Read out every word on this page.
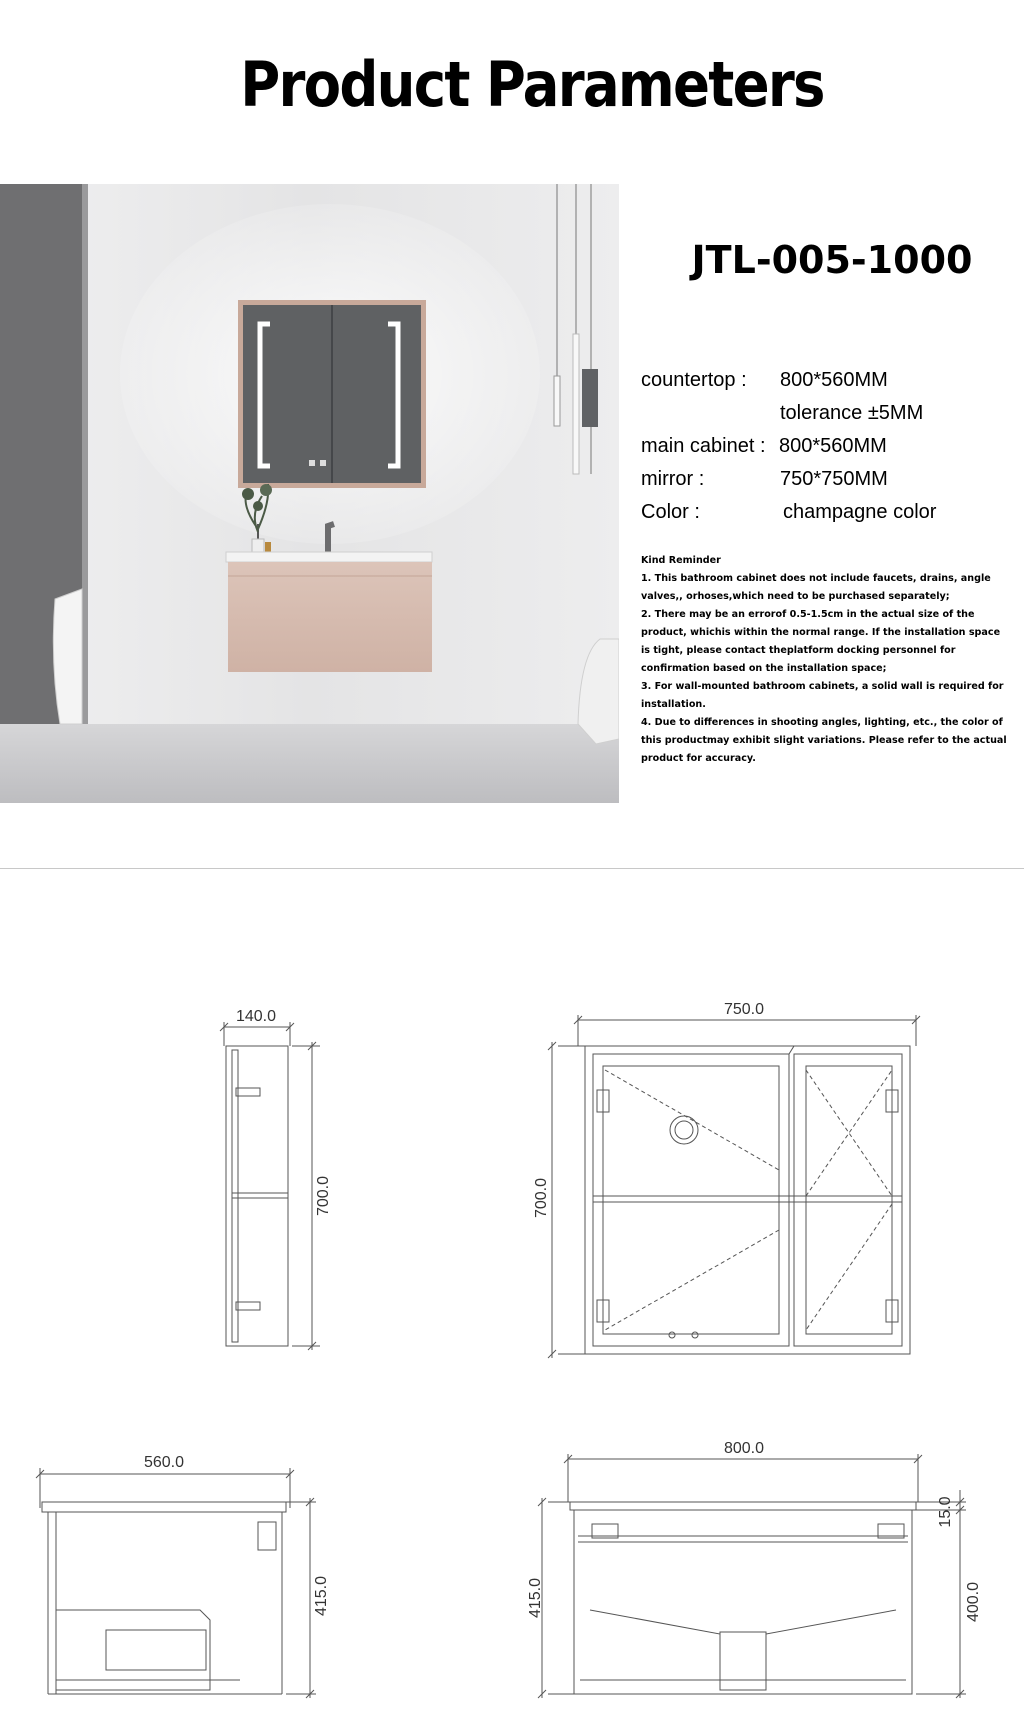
Product Parameters
JTL-005-1000
countertop : 800*560MM
tolerance ±5MM
main cabinet : 800*560MM
mirror :	750*750MM
Color :	champagne color
Kind Reminder
1. This bathroom cabinet does not include faucets, drains, angle valves,, orhoses,which need to be purchased separately;
2. There may be an errorof 0.5-1.5cm in the actual size of the product, whichis within the normal range. If the installation space is tight, please contact theplatform docking personnel for confirmation based on the installation space;
3. For wall-mounted bathroom cabinets, a solid wall is required for installation.
4. Due to differences in shooting angles, lighting, etc., the color of this productmay exhibit slight variations. Please refer to the actual product for accuracy.
140.0
700.0
750.0
700.0
560.0
415.0
800.0
415.0
15.0
400.0
